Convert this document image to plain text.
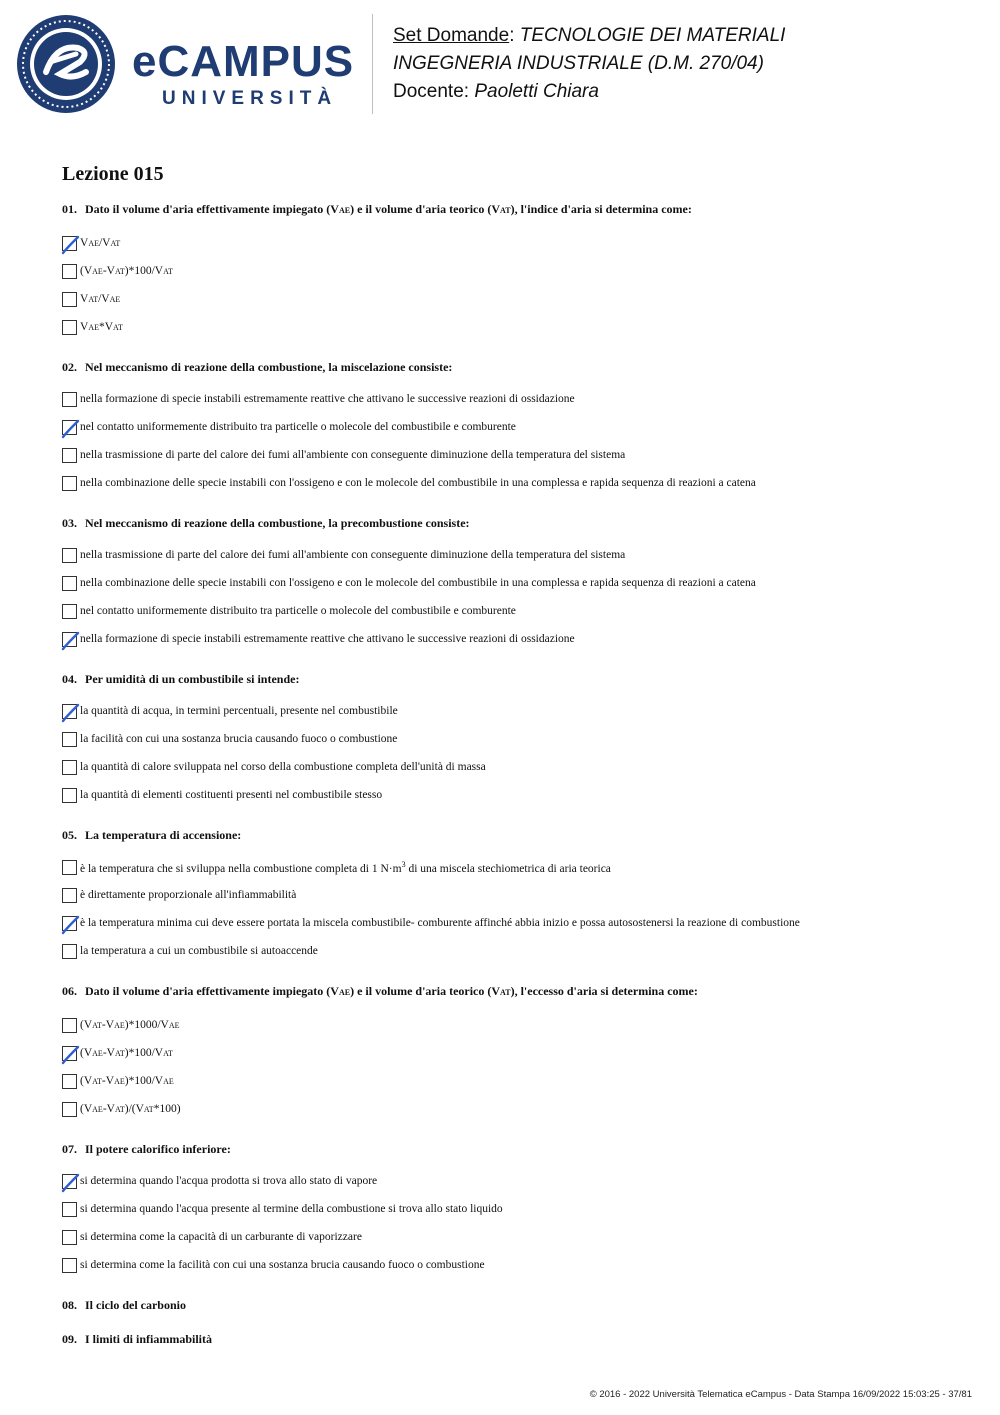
eCAMPUS
UNIVERSITÀ
Set Domande: TECNOLOGIE DEI MATERIALI
INGEGNERIA INDUSTRIALE (D.M. 270/04)
Docente: Paoletti Chiara
Lezione 015
01. Dato il volume d'aria effettivamente impiegato (VAE) e il volume d'aria teorico (VAT), l'indice d'aria si determina come:
VAE/VAT
(VAE-VAT)*100/VAT
VAT/VAE
VAE*VAT
02. Nel meccanismo di reazione della combustione, la miscelazione consiste:
nella formazione di specie instabili estremamente reattive che attivano le successive reazioni di ossidazione
nel contatto uniformemente distribuito tra particelle o molecole del combustibile e comburente
nella trasmissione di parte del calore dei fumi all'ambiente con conseguente diminuzione della temperatura del sistema
nella combinazione delle specie instabili con l'ossigeno e con le molecole del combustibile in una complessa e rapida sequenza di reazioni a catena
03. Nel meccanismo di reazione della combustione, la precombustione consiste:
nella trasmissione di parte del calore dei fumi all'ambiente con conseguente diminuzione della temperatura del sistema
nella combinazione delle specie instabili con l'ossigeno e con le molecole del combustibile in una complessa e rapida sequenza di reazioni a catena
nel contatto uniformemente distribuito tra particelle o molecole del combustibile e comburente
nella formazione di specie instabili estremamente reattive che attivano le successive reazioni di ossidazione
04. Per umidità di un combustibile si intende:
la quantità di acqua, in termini percentuali, presente nel combustibile
la facilità con cui una sostanza brucia causando fuoco o combustione
la quantità di calore sviluppata nel corso della combustione completa dell'unità di massa
la quantità di elementi costituenti presenti nel combustibile stesso
05. La temperatura di accensione:
è la temperatura che si sviluppa nella combustione completa di 1 $N\cdot m^3$ di una miscela stechiometrica di aria teorica
è direttamente proporzionale all'infiammabilità
è la temperatura minima cui deve essere portata la miscela combustibile- comburente affinché abbia inizio e possa autosostenersi la reazione di combustione
la temperatura a cui un combustibile si autoaccende
06. Dato il volume d'aria effettivamente impiegato (VAE) e il volume d'aria teorico (VAT), l'eccesso d'aria si determina come:
(VAT-VAE)*1000/VAE
(VAE-VAT)*100/VAT
(VAT-VAE)*100/VAE
(VAE-VAT)/(VAT*100)
07. Il potere calorifico inferiore:
si determina quando l'acqua prodotta si trova allo stato di vapore
si determina quando l'acqua presente al termine della combustione si trova allo stato liquido
si determina come la capacità di un carburante di vaporizzare
si determina come la facilità con cui una sostanza brucia causando fuoco o combustione
08. Il ciclo del carbonio
09. I limiti di infiammabilità
© 2016 - 2022 Università Telematica eCampus - Data Stampa 16/09/2022 15:03:25 - 37/81
